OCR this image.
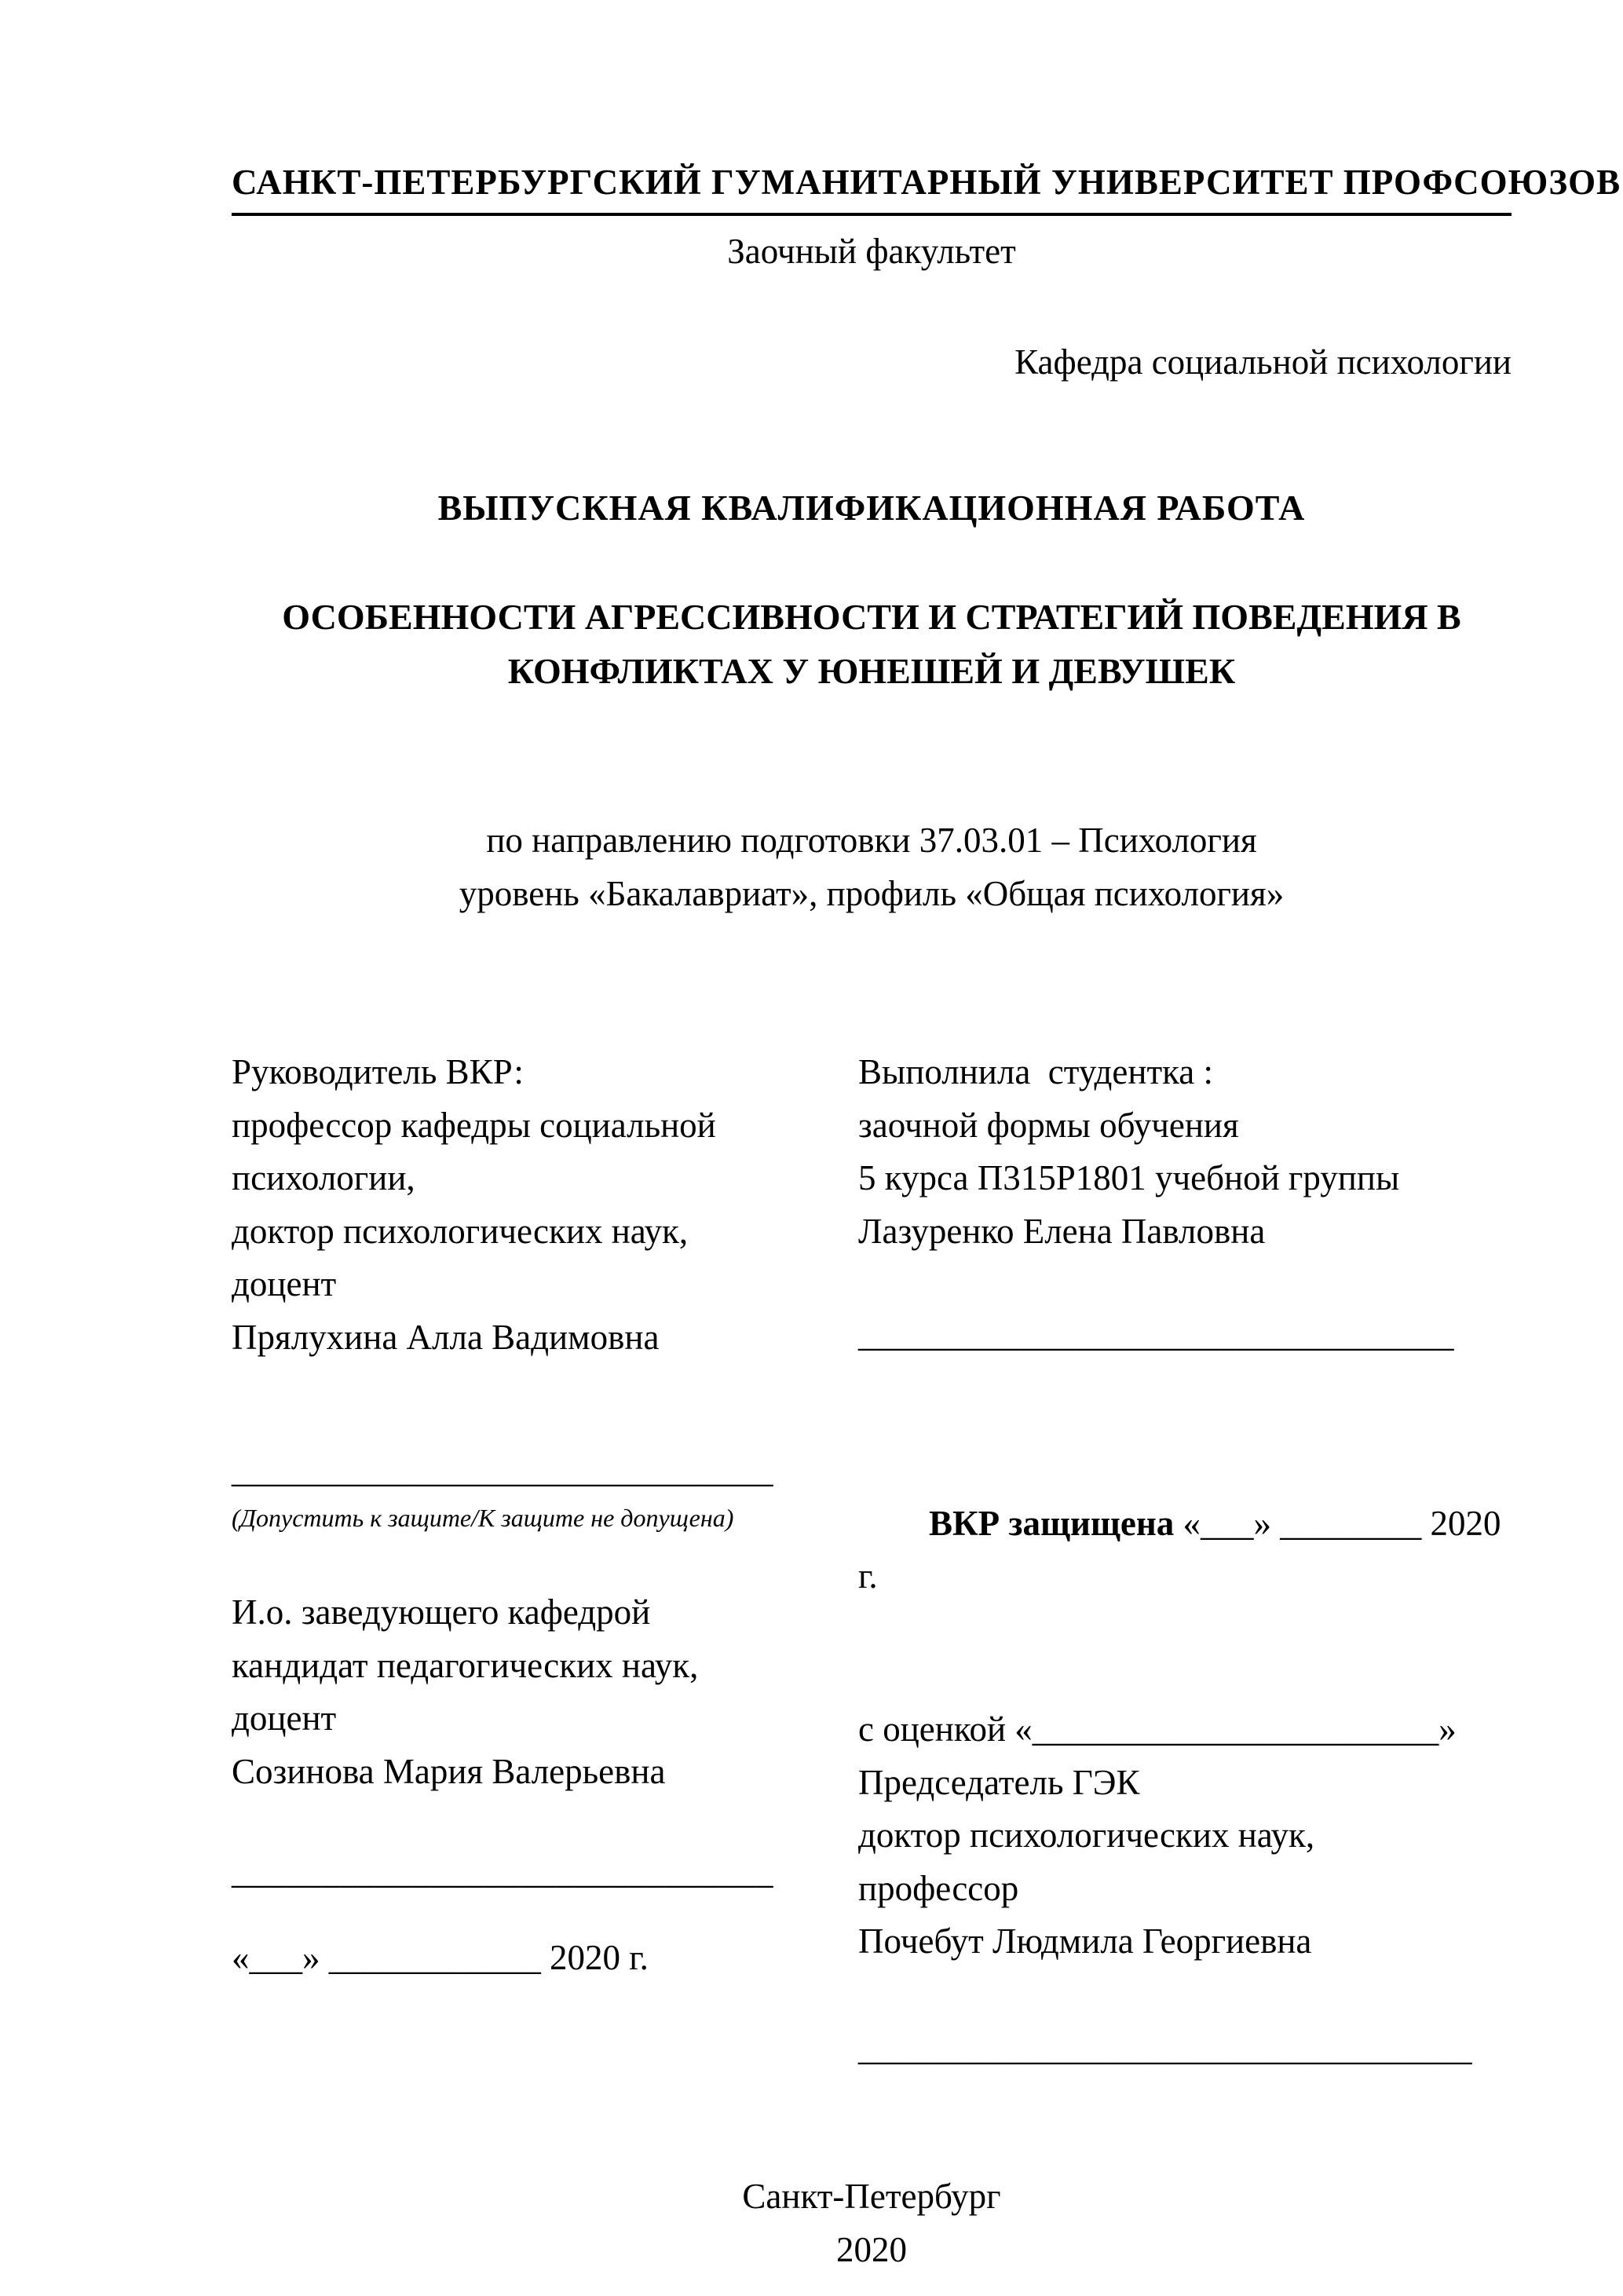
САНКТ-ПЕТЕРБУРГСКИЙ ГУМАНИТАРНЫЙ УНИВЕРСИТЕТ ПРОФСОЮЗОВ
Заочный факультет
Кафедра социальной психологии
ВЫПУСКНАЯ КВАЛИФИКАЦИОННАЯ РАБОТА
ОСОБЕННОСТИ АГРЕССИВНОСТИ И СТРАТЕГИЙ ПОВЕДЕНИЯ В
КОНФЛИКТАХ У ЮНЕШЕЙ И ДЕВУШЕК
по направлению подготовки 37.03.01 – Психология
уровень «Бакалавриат», профиль «Общая психология»
Руководитель ВКР:
профессор кафедры социальной
психологии,
доктор психологических наук,
доцент
Прялухина Алла Вадимовна
Выполнила  студентка :
заочной формы обучения
5 курса П315Р1801 учебной группы
Лазуренко Елена Павловна
_________________________________
______________________________
(Допустить к защите/К защите не допущена)
И.о. заведующего кафедрой
кандидат педагогических наук,
доцент
Созинова Мария Валерьевна
______________________________
«___» ____________ 2020 г.

ВКР защищена «___» ________ 2020 г.

с оценкой «_______________________»
Председатель ГЭК
доктор психологических наук,
профессор
Почебут Людмила Георгиевна
__________________________________
Санкт-Петербург
2020
